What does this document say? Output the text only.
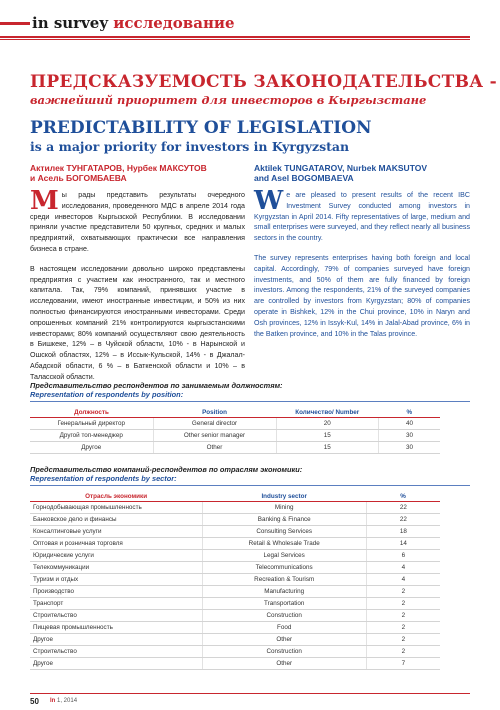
in survey исследование
ПРЕДСКАЗУЕМОСТЬ ЗАКОНОДАТЕЛЬСТВА -
важнейший приоритет для инвесторов в Кыргызстане
PREDICTABILITY OF LEGISLATION
is a major priority for investors in Kyrgyzstan
Актилек ТУНГАТАРОВ, Нурбек МАКСУТОВ
и Асель БОГОМБАЕВА
Aktilek TUNGATAROV, Nurbek MAKSUTOV
and Asel BOGOMBAEVA

Мы рады представить результаты очередного исследования, проведенного МДС в апреле 2014 года среди инвесторов Кыргызской Республики. В исследовании приняли участие представители 50 крупных, средних и малых предприятий, охватывающих практически все направления бизнеса в стране.

В настоящем исследовании довольно широко представлены предприятия с участием как иностранного, так и местного капитала. Так, 79% компаний, принявших участие в исследовании, имеют иностранные инвестиции, и 50% из них полностью финансируются иностранными инвесторами. Среди опрошенных компаний 21% контролируются кыргызстанскими инвесторами; 80% компаний осуществляют свою деятельность в Бишкеке, 12% – в Чуйской области, 10% - в Нарынской и Ошской областях, 12% – в Иссык-Кульской, 14% - в Джалал-Абадской области, 6 % – в Баткенской области и 10% – в Таласской области.

We are pleased to present results of the recent IBC Investment Survey conducted among investors in Kyrgyzstan in April 2014. Fifty representatives of large, medium and small enterprises were surveyed, and they reflect nearly all business sectors in the country.

The survey represents enterprises having both foreign and local capital. Accordingly, 79% of companies surveyed have foreign investments, and 50% of them are fully financed by foreign investors. Among the respondents, 21% of the surveyed companies are controlled by investors from Kyrgyzstan; 80% of companies operate in Bishkek, 12% in the Chui province, 10% in Naryn and Osh provinces, 12% in Issyk-Kul, 14% in Jalal-Abad province, 6% in the Batken province, and 10% in the Talas province.

Представительство респондентов по занимаемым должностям:
Representation of respondents by position:
Должность	Position	Количество/ Number	%
Генеральный директор	General director	20	40
Другой топ-менеджер	Other senior manager	15	30
Другое	Other	15	30
Представительство компаний-респондентов по отраслям экономики:
Representation of respondents by sector:
Отрасль экономики	Industry sector	%
Горнодобывающая промышленность	Mining	22
Банковское дело и финансы	Banking & Finance	22
Консалтинговые услуги	Consulting Services	18
Оптовая и розничная торговля	Retail & Wholesale Trade	14
Юридические услуги	Legal Services	6
Телекоммуникации	Telecommunications	4
Туризм и отдых	Recreation & Tourism	4
Производство	Manufacturing	2
Транспорт	Transportation	2
Строительство	Construction	2
Пищевая промышленность	Food	2
Другое	Other	2
Строительство	Construction	2
Другое	Other	7
50 In 1, 2014
